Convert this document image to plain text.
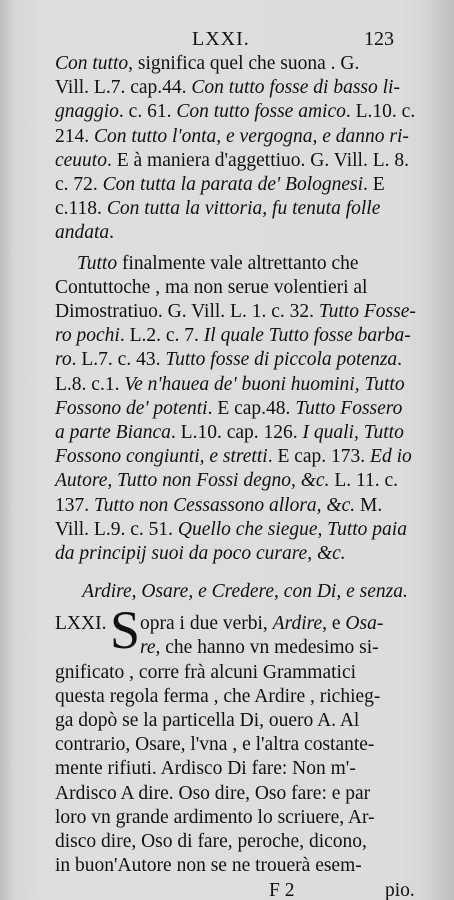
LXXI.	123
Con tutto, significa quel che suona . G.
Vill. L.7. cap.44. Con tutto fosse di basso li-
gnaggio. c. 61. Con tutto fosse amico. L.10. c.
214. Con tutto l'onta, e vergogna, e danno ri-
ceuuto. E à maniera d'aggettiuo. G. Vill. L. 8.
c. 72. Con tutta la parata de' Bolognesi. E
c.118. Con tutta la vittoria, fu tenuta folle
andata.
Tutto finalmente vale altrettanto che
Contuttoche , ma non serue volentieri al
Dimostratiuo. G. Vill. L. 1. c. 32. Tutto Fosse-
ro pochi. L.2. c. 7. Il quale Tutto fosse barba-
ro. L.7. c. 43. Tutto fosse di piccola potenza.
L.8. c.1. Ve n'hauea de' buoni huomini, Tutto
Fossono de' potenti. E cap.48. Tutto Fossero
a parte Bianca. L.10. cap. 126. I quali, Tutto
Fossono congiunti, e stretti. E cap. 173. Ed io
Autore, Tutto non Fossi degno, &c. L. 11. c.
137. Tutto non Cessassono allora, &c. M.
Vill. L.9. c. 51. Quello che siegue, Tutto paia
da principij suoi da poco curare, &c.
Ardire, Osare, e Credere, con Di, e senza.
LXXI.Sopra i due verbi, Ardire, e Osa-
re, che hanno vn medesimo si-
gnificato , corre frà alcuni Grammatici
questa regola ferma , che Ardire , richieg-
ga dopò se la particella Di, ouero A. Al
contrario, Osare, l'vna , e l'altra costante-
mente rifiuti. Ardisco Di fare: Non m'-
Ardisco A dire. Oso dire, Oso fare: e par
loro vn grande ardimento lo scriuere, Ar-
disco dire, Oso di fare, peroche, dicono,
in buon'Autore non se ne trouerà esem-
F 2	pio.
